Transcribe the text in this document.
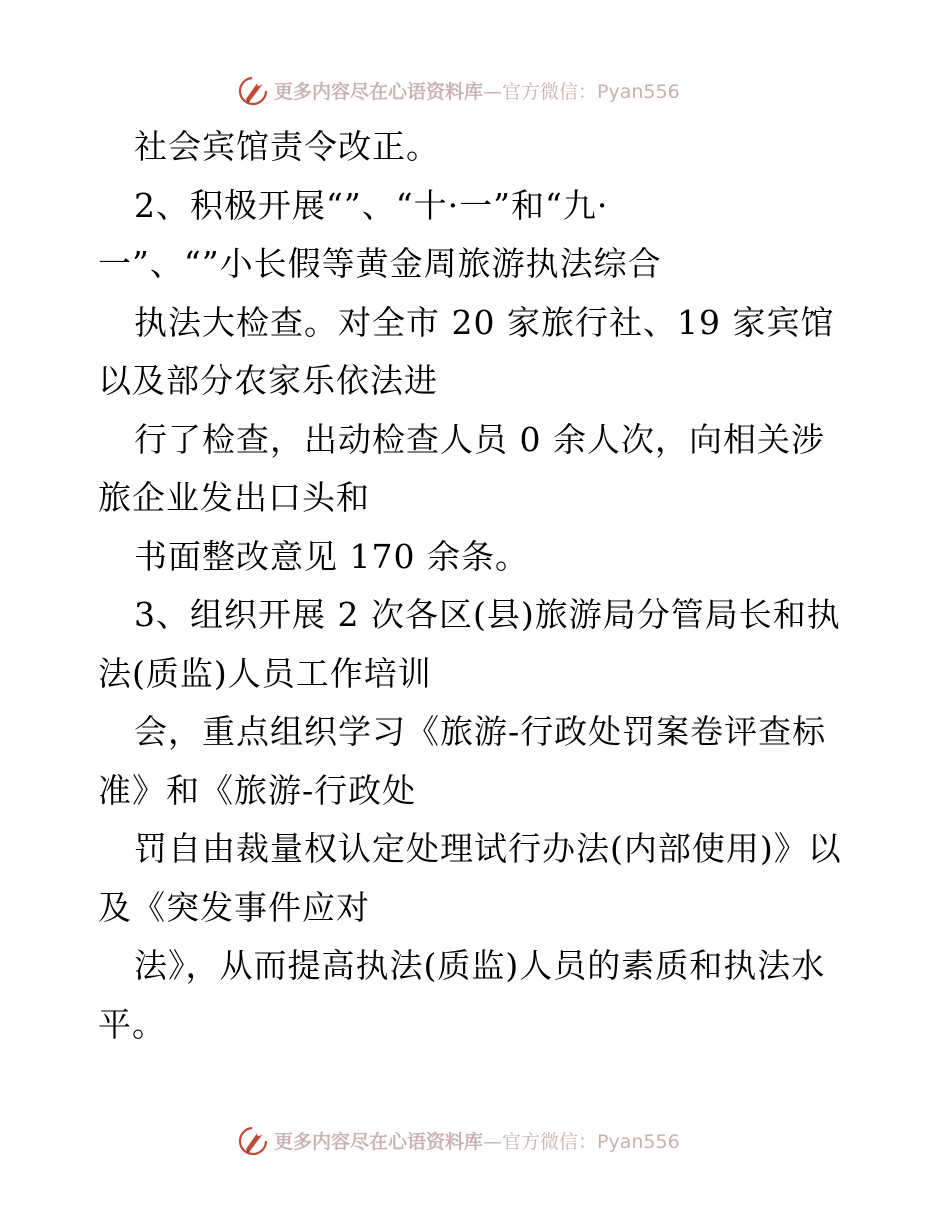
更多内容尽在心语资料库 —官方微信：Pyan556
社会宾馆责令改正。
2、积极开展“”、“十·一”和“九·
一”、“”小长假等黄金周旅游执法综合
执法大检查。对全市 20 家旅行社、19 家宾馆
以及部分农家乐依法进
行了检查，出动检查人员 0 余人次，向相关涉
旅企业发出口头和
书面整改意见 170 余条。
3、组织开展 2 次各区(县)旅游局分管局长和执
法(质监)人员工作培训
会，重点组织学习《旅游-行政处罚案卷评查标
准》和《旅游-行政处
罚自由裁量权认定处理试行办法(内部使用)》以
及《突发事件应对
法》，从而提高执法(质监)人员的素质和执法水
平。
更多内容尽在心语资料库 —官方微信：Pyan556
